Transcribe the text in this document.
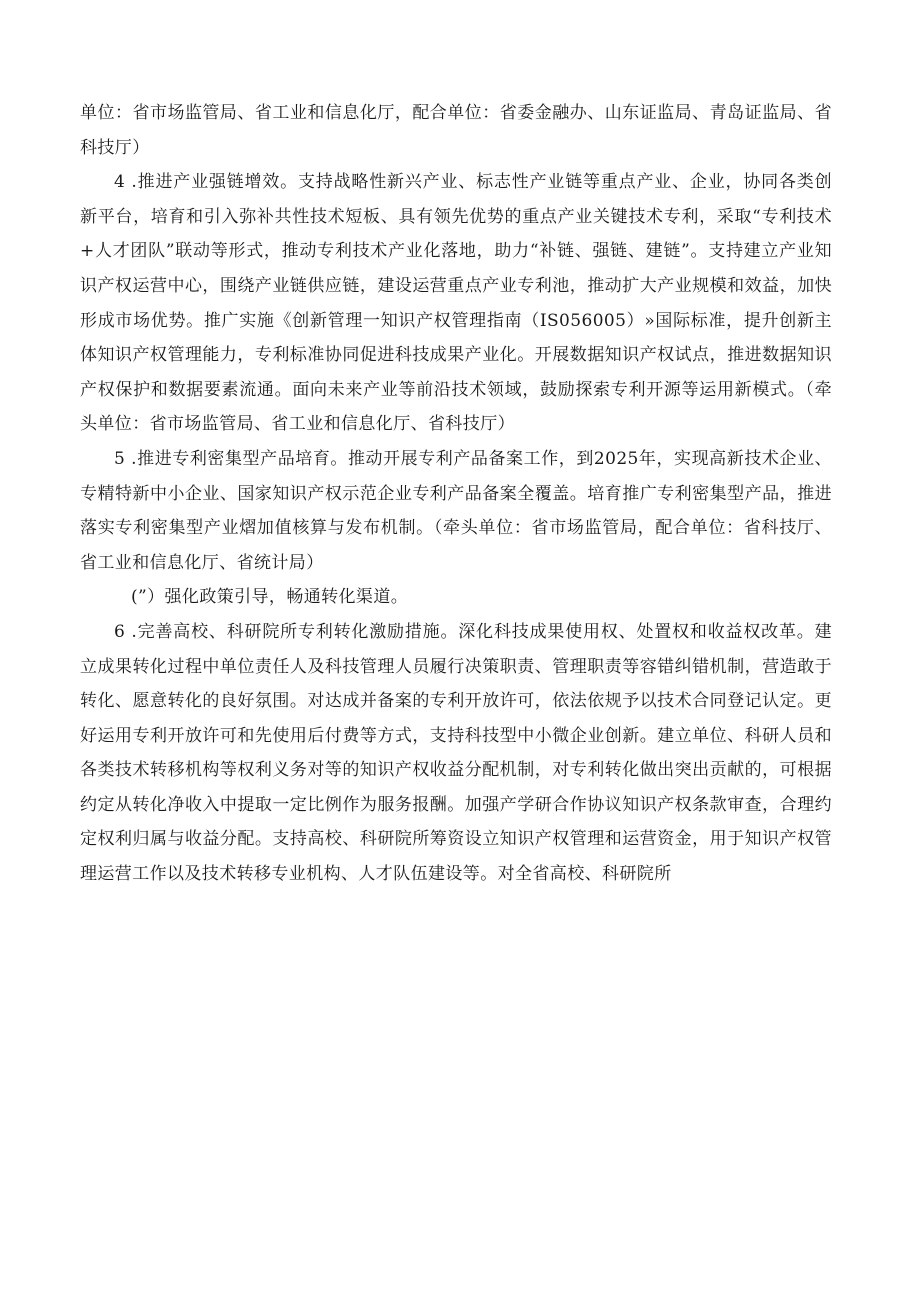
单位：省市场监管局、省工业和信息化厅，配合单位：省委金融办、山东证监局、青岛证监局、省科技厅）

4 .推进产业强链增效。支持战略性新兴产业、标志性产业链等重点产业、企业，协同各类创新平台，培育和引入弥补共性技术短板、具有领先优势的重点产业关键技术专利，采取“专利技术+人才团队”联动等形式，推动专利技术产业化落地，助力“补链、强链、建链”。支持建立产业知识产权运营中心，围绕产业链供应链，建设运营重点产业专利池，推动扩大产业规模和效益，加快形成市场优势。推广实施《创新管理一知识产权管理指南（IS056005）»国际标准，提升创新主体知识产权管理能力，专利标准协同促进科技成果产业化。开展数据知识产权试点，推进数据知识产权保护和数据要素流通。面向未来产业等前沿技术领域，鼓励探索专利开源等运用新模式。（牵头单位：省市场监管局、省工业和信息化厅、省科技厅）

5 .推进专利密集型产品培育。推动开展专利产品备案工作，到2025年，实现高新技术企业、专精特新中小企业、国家知识产权示范企业专利产品备案全覆盖。培育推广专利密集型产品，推进落实专利密集型产业熠加值核算与发布机制。（牵头单位：省市场监管局，配合单位：省科技厅、省工业和信息化厅、省统计局）

(”）强化政策引导，畅通转化渠道。

6 .完善高校、科研院所专利转化激励措施。深化科技成果使用权、处置权和收益权改革。建立成果转化过程中单位责任人及科技管理人员履行决策职责、管理职责等容错纠错机制，营造敢于转化、愿意转化的良好氛围。对达成并备案的专利开放许可，依法依规予以技术合同登记认定。更好运用专利开放许可和先使用后付费等方式，支持科技型中小微企业创新。建立单位、科研人员和各类技术转移机构等权利义务对等的知识产权收益分配机制，对专利转化做出突出贡献的，可根据约定从转化净收入中提取一定比例作为服务报酬。加强产学研合作协议知识产权条款审查，合理约定权利归属与收益分配。支持高校、科研院所筹资设立知识产权管理和运营资金，用于知识产权管理运营工作以及技术转移专业机构、人才队伍建设等。对全省高校、科研院所
